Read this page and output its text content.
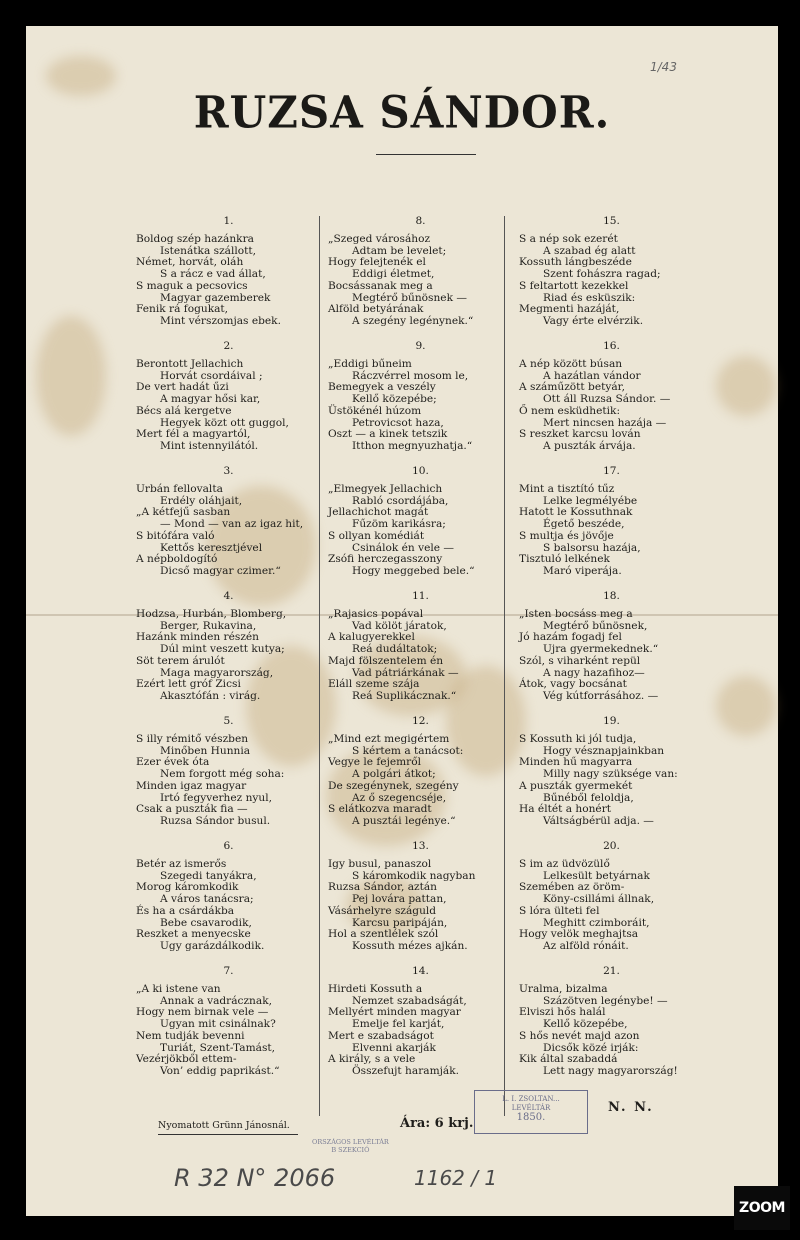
RUZSA SÁNDOR.
1.
Boldog szép hazánkra
Istenátka szállott,
Német, horvát, oláh
S a rácz e vad állat,
S maguk a pecsovics
Magyar gazemberek
Fenik rá fogukat,
Mint vérszomjas ebek.
2.
Berontott Jellachich
Horvát csordáival ;
De vert hadát űzi
A magyar hősi kar,
Bécs alá kergetve
Hegyek közt ott guggol,
Mert fél a magyartól,
Mint istennyilától.
3.
Urbán fellovalta
Erdély oláhjait,
„A kétfejű sasban
— Mond — van az igaz hit,
S bitófára való
Kettős keresztjével
A népboldogító
Dicső magyar czimer.“
4.
Hodzsa, Hurbán, Blomberg,
Berger, Rukavina,
Hazánk minden részén
Dúl mint veszett kutya;
Söt terem árulót
Maga magyarország,
Ezért lett gróf Zicsi
Akasztófán : virág.
5.
S illy rémitő vészben
Minőben Hunnia
Ezer évek óta
Nem forgott még soha:
Minden igaz magyar
Irtó fegyverhez nyul,
Csak a puszták fia —
Ruzsa Sándor busul.
6.
Betér az ismerős
Szegedi tanyákra,
Morog káromkodik
A város tanácsra;
És ha a csárdákba
Bebe csavarodik,
Reszket a menyecske
Ugy garázdálkodik.
7.
„A ki istene van
Annak a vadrácznak,
Hogy nem birnak vele —
Ugyan mit csinálnak?
Nem tudják bevenni
Turiát, Szent-Tamást,
Vezérjökből ettem-
Von’ eddig paprikást.“
8.
„Szeged városához
Adtam be levelet;
Hogy felejtenék el
Eddigi életmet,
Bocsássanak meg a
Megtérő bűnösnek —
Alföld betyárának
A szegény legénynek.“
9.
„Eddigi bűneim
Ráczvérrel mosom le,
Bemegyek a veszély
Kellő közepébe;
Üstökénél húzom
Petrovicsot haza,
Oszt — a kinek tetszik
Itthon megnyuzhatja.“
10.
„Elmegyek Jellachich
Rabló csordájába,
Jellachichot magát
Fűzöm karikásra;
S ollyan komédiát
Csinálok én vele —
Zsófi herczegasszony
Hogy meggebed bele.“
11.
„Rajasics popával
Vad kölöt járatok,
A kalugyerekkel
Reá dudáltatok;
Majd fölszentelem én
Vad pátriárkának —
Eláll szeme szája
Reá Suplikácznak.“
12.
„Mind ezt megigértem
S kértem a tanácsot:
Vegye le fejemről
A polgári átkot;
De szegénynek, szegény
Az ő szegencséje,
S elátkozva maradt
A pusztái legénye.“
13.
Igy busul, panaszol
S káromkodik nagyban
Ruzsa Sándor, aztán
Pej lovára pattan,
Vásárhelyre száguld
Karcsu paripáján,
Hol a szentlélek szól
Kossuth mézes ajkán.
14.
Hirdeti Kossuth a
Nemzet szabadságát,
Mellyért minden magyar
Emelje fel karját,
Mert e szabadságot
Elvenni akarják
A király, s a vele
Összefujt haramják.
15.
S a nép sok ezerét
A szabad ég alatt
Kossuth lángbeszéde
Szent fohászra ragad;
S feltartott kezekkel
Riad és esküszik:
Megmenti hazáját,
Vagy érte elvérzik.
16.
A nép között búsan
A hazátlan vándor
A száműzött betyár,
Ott áll Ruzsa Sándor. —
Ő nem esküdhetik:
Mert nincsen hazája —
S reszket karcsu lován
A puszták árvája.
17.
Mint a tisztító tűz
Lelke legmélyébe
Hatott le Kossuthnak
Égető beszéde,
S multja és jövője
S balsorsu hazája,
Tisztuló lelkének
Maró viperája.
18.
„Isten bocsáss meg a
Megtérő bűnösnek,
Jó hazám fogadj fel
Ujra gyermekednek.“
Szól, s viharként repül
A nagy hazafihoz—
Átok, vagy bocsánat
Vég kútforrásához. —
19.
S Kossuth ki jól tudja,
Hogy vésznapjainkban
Minden hű magyarra
Milly nagy szüksége van:
A puszták gyermekét
Bűnéből feloldja,
Ha éltét a honért
Váltságbérül adja. —
20.
S im az üdvözülő
Lelkesült betyárnak
Szemében az öröm-
Köny-csillámi állnak,
S lóra ülteti fel
Meghitt czimboráit,
Hogy velök meghajtsa
Az alföld rónáit.
21.
Uralma, bizalma
Százötven legénybe! —
Elviszi hős halál
Kellő közepébe,
S hős nevét majd azon
Dicsők közé irják:
Kik által szabaddá
Lett nagy magyarország!
Nyomatott Grünn Jánosnál.	Ára: 6 krj.
N. N.
L. I. ZSOLTAN...
LEVÉLTÁR
1850.
ORSZÁGOS LEVÉLTÁR
B SZEKCIÓ
R 32 N° 2066	1162 / 1
1/43
ZOOM
